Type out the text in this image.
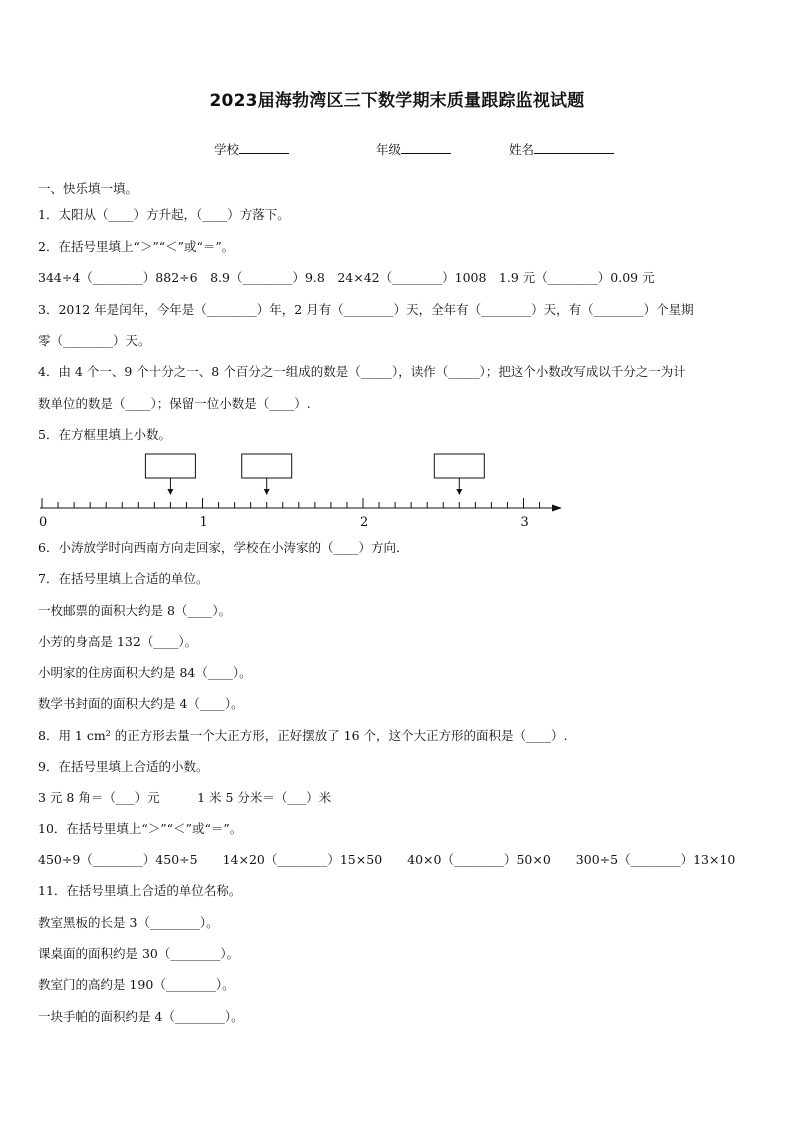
2023届海勃湾区三下数学期末质量跟踪监视试题
学校	年级	姓名
一、快乐填一填。
1．太阳从（____）方升起，（____）方落下。
2．在括号里填上“＞”“＜”或“＝”。
344÷4（________）882÷6　8.9（________）9.8　24×42（________）1008　1.9 元（________）0.09 元
3．2012 年是闰年，今年是（________）年，2 月有（________）天，全年有（________）天，有（________）个星期
零（________）天。
4．由 4 个一、9 个十分之一、8 个百分之一组成的数是（_____），读作（_____）；把这个小数改写成以千分之一为计
数单位的数是（____）；保留一位小数是（____）.
5．在方框里填上小数。
0	1	2	3
6．小涛放学时向西南方向走回家，学校在小涛家的（____）方向．
7．在括号里填上合适的单位。
一枚邮票的面积大约是 8（____）。
小芳的身高是 132（____）。
小明家的住房面积大约是 84（____）。
数学书封面的面积大约是 4（____）。
8．用 1 cm² 的正方形去量一个大正方形，正好摆放了 16 个，这个大正方形的面积是（____）.
9．在括号里填上合适的小数。
3 元 8 角＝（___）元　　　1 米 5 分米＝（___）米
10．在括号里填上“＞”“＜”或“＝”。
450÷9（________）450÷5　　14×20（________）15×50　　40×0（________）50×0　　300÷5（________）13×10
11．在括号里填上合适的单位名称。
教室黑板的长是 3（________）。
课桌面的面积约是 30（________）。
教室门的高约是 190（________）。
一块手帕的面积约是 4（________）。
